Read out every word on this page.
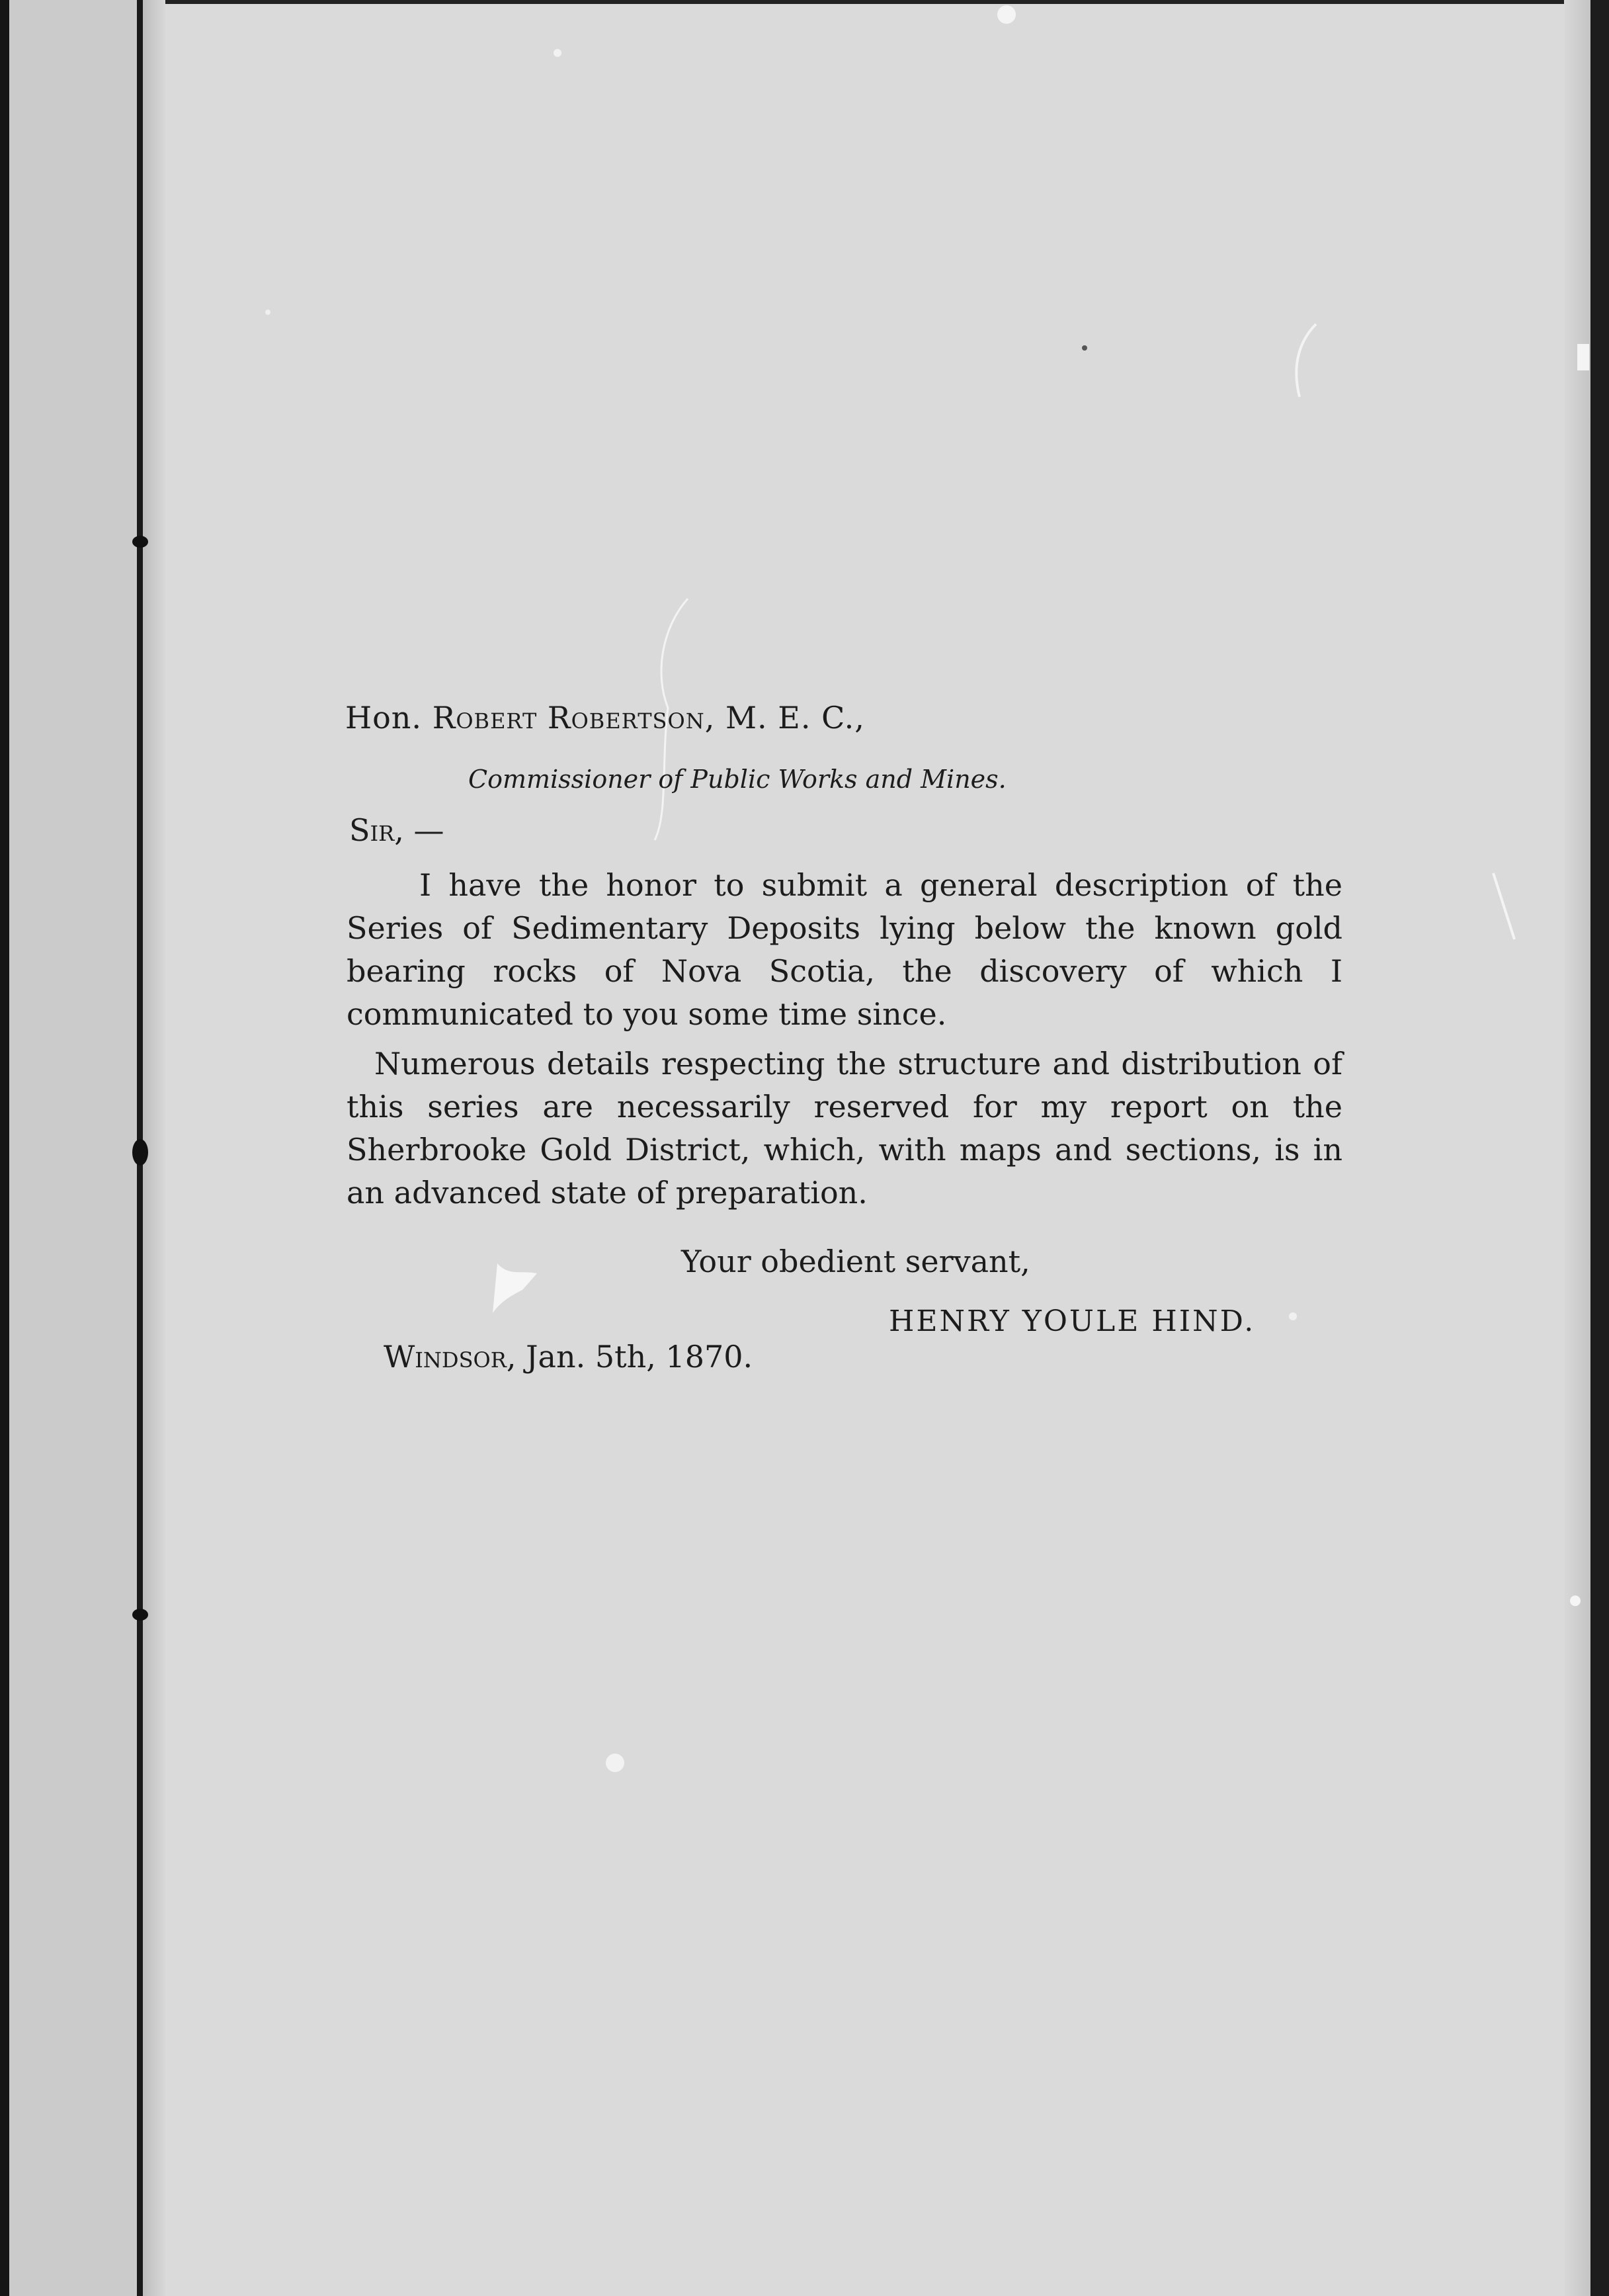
Hon. Robert Robertson, M. E. C.,
Commissioner of Public Works and Mines.

Sir, —

I have the honor to submit a general description of the Series of Sedimentary Deposits lying below the known gold bearing rocks of Nova Scotia, the discovery of which I communicated to you some time since.

Numerous details respecting the structure and distribution of this series are necessarily reserved for my report on the Sherbrooke Gold District, which, with maps and sections, is in an advanced state of preparation.

Your obedient servant,

HENRY YOULE HIND.

Windsor, Jan. 5th, 1870.
